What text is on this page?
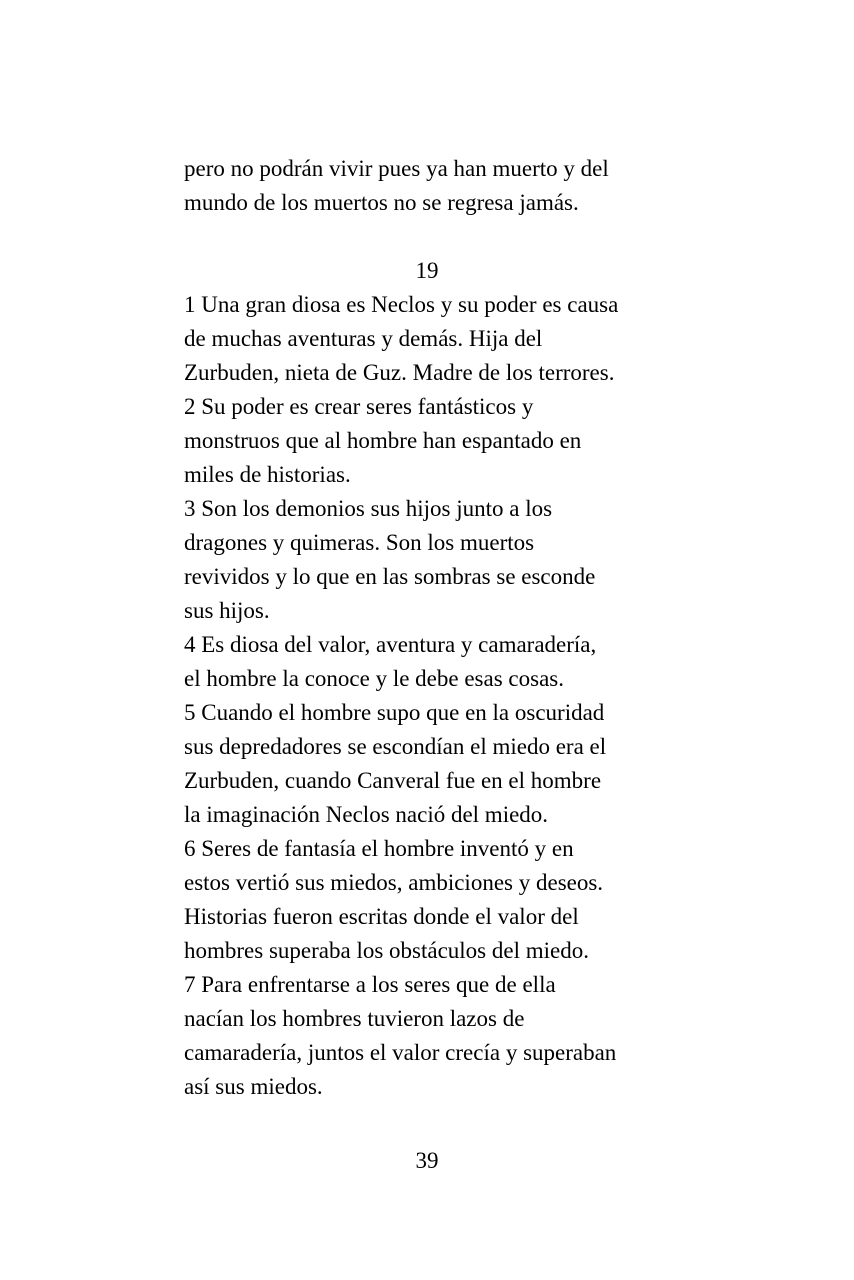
pero no podrán vivir pues ya han muerto y del
mundo de los muertos no se regresa jamás.
19
1 Una gran diosa es Neclos y su poder es causa
de muchas aventuras y demás. Hija del
Zurbuden, nieta de Guz. Madre de los terrores.
2 Su poder es crear seres fantásticos y
monstruos que al hombre han espantado en
miles de historias.
3 Son los demonios sus hijos junto a los
dragones y quimeras. Son los muertos
revividos y lo que en las sombras se esconde
sus hijos.
4 Es diosa del valor, aventura y camaradería,
el hombre la conoce y le debe esas cosas.
5 Cuando el hombre supo que en la oscuridad
sus depredadores se escondían el miedo era el
Zurbuden, cuando Canveral fue en el hombre
la imaginación Neclos nació del miedo.
6 Seres de fantasía el hombre inventó y en
estos vertió sus miedos, ambiciones y deseos.
Historias fueron escritas donde el valor del
hombres superaba los obstáculos del miedo.
7 Para enfrentarse a los seres que de ella
nacían los hombres tuvieron lazos de
camaradería, juntos el valor crecía y superaban
así sus miedos.
39
